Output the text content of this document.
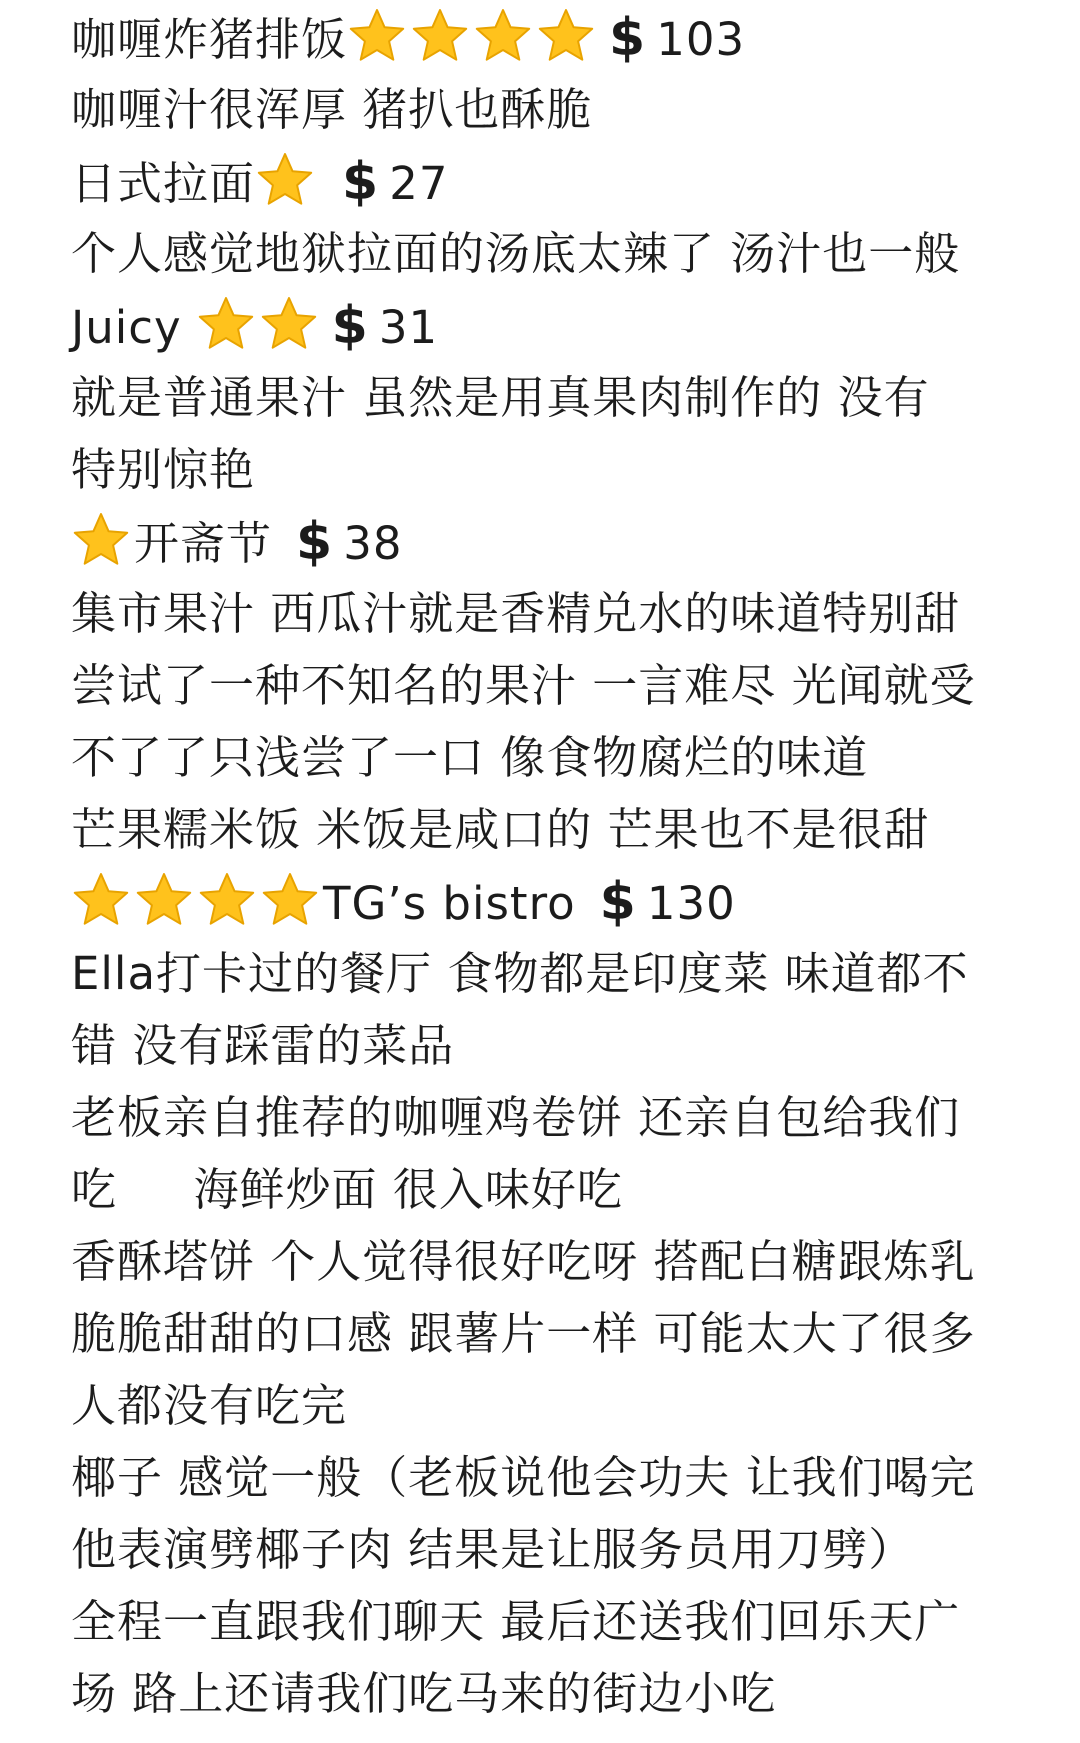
咖喱炸猪排饭	$ 103
咖喱汁很浑厚 猪扒也酥脆
日式拉面 $ 27
个人感觉地狱拉面的汤底太辣了 汤汁也一般
Juicy	$ 31
就是普通果汁 虽然是用真果肉制作的 没有
特别惊艳
开斋节 $ 38
集市果汁 西瓜汁就是香精兑水的味道特别甜
尝试了一种不知名的果汁 一言难尽 光闻就受
不了了只浅尝了一口 像食物腐烂的味道
芒果糯米饭 米饭是咸口的 芒果也不是很甜
TG’s bistro $ 130
Ella打卡过的餐厅 食物都是印度菜 味道都不
错 没有踩雷的菜品
老板亲自推荐的咖喱鸡卷饼 还亲自包给我们
吃     海鲜炒面 很入味好吃
香酥塔饼 个人觉得很好吃呀 搭配白糖跟炼乳
脆脆甜甜的口感 跟薯片一样 可能太大了很多
人都没有吃完
椰子 感觉一般（老板说他会功夫 让我们喝完
他表演劈椰子肉 结果是让服务员用刀劈）
全程一直跟我们聊天 最后还送我们回乐天广
场 路上还请我们吃马来的街边小吃
